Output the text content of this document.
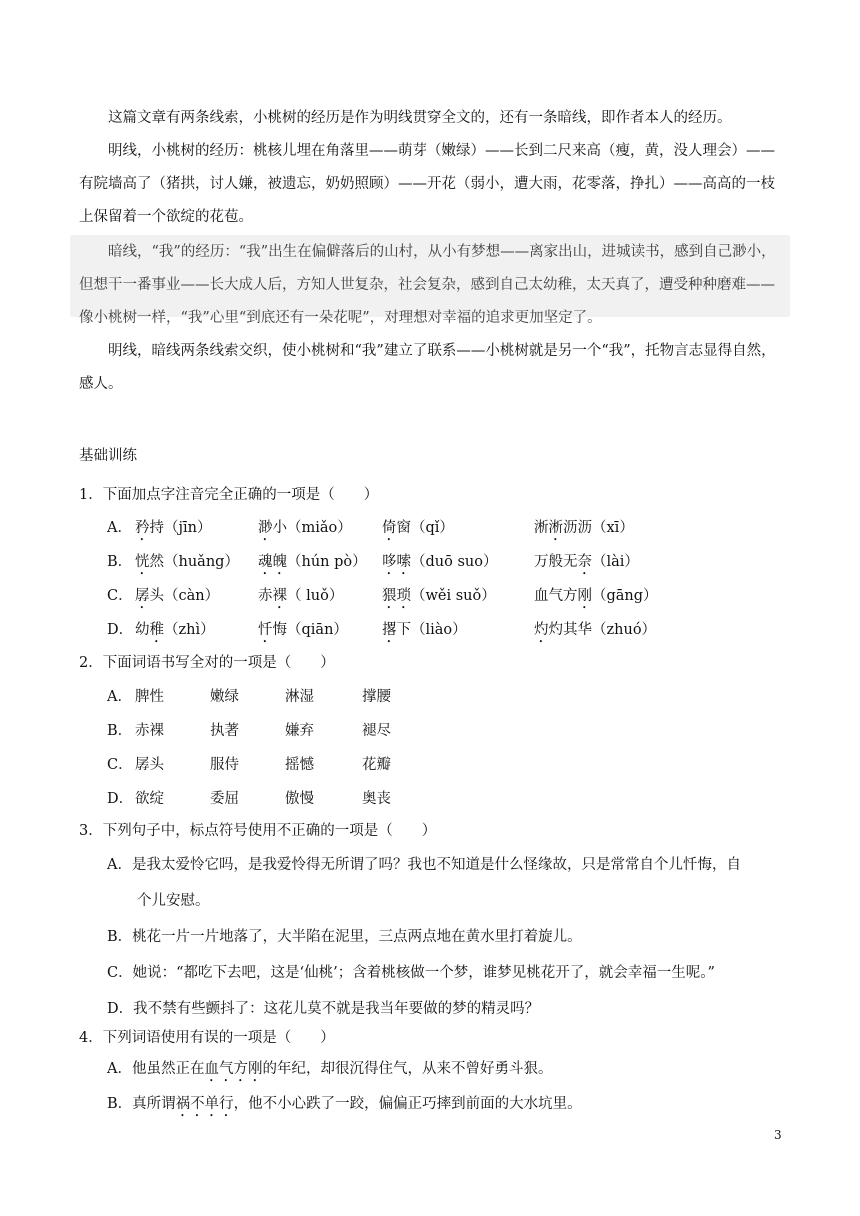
这篇文章有两条线索，小桃树的经历是作为明线贯穿全文的，还有一条暗线，即作者本人的经历。

明线，小桃树的经历：桃核儿埋在角落里——萌芽（嫩绿）——长到二尺来高（瘦，黄，没人理会）——有院墙高了（猪拱，讨人嫌，被遗忘，奶奶照顾）——开花（弱小，遭大雨，花零落，挣扎）——高高的一枝上保留着一个欲绽的花苞。

暗线，“我”的经历：“我”出生在偏僻落后的山村，从小有梦想——离家出山，进城读书，感到自己渺小，但想干一番事业——长大成人后，方知人世复杂，社会复杂，感到自己太幼稚，太天真了，遭受种种磨难——像小桃树一样，“我”心里“到底还有一朵花呢”，对理想对幸福的追求更加坚定了。

明线，暗线两条线索交织，使小桃树和“我”建立了联系——小桃树就是另一个“我”，托物言志显得自然，感人。

基础训练
1．下面加点字注音完全正确的一项是（　　）
A． 矜持（jīn）	渺小（miǎo） 倚窗（qǐ）	淅淅沥沥（xī）
B． 恍然（huǎng） 魂魄（hún pò） 哆嗦（duō suo）	万般无奈（lài）
C． 孱头（càn）	赤裸（ luǒ）	猥琐（wěi suǒ）	血气方刚（gāng）
D． 幼稚（zhì）	忏悔（qiān） 撂下（liào）	灼灼其华（zhuó）
2．下面词语书写全对的一项是（　　）
A． 脾性	嫩绿	淋湿	撑腰
B． 赤裸	执著	嫌弃	褪尽
C． 孱头	服侍	摇憾	花瓣
D． 欲绽	委屈	傲慢	奥丧
3．下列句子中，标点符号使用不正确的一项是（　　）
A．是我太爱怜它吗，是我爱怜得无所谓了吗？我也不知道是什么怪缘故，只是常常自个儿忏悔，自
个儿安慰。
B．桃花一片一片地落了，大半陷在泥里，三点两点地在黄水里打着旋儿。
C．她说：“都吃下去吧，这是‘仙桃’；含着桃核做一个梦，谁梦见桃花开了，就会幸福一生呢。”
D．我不禁有些颤抖了：这花儿莫不就是我当年要做的梦的精灵吗？
4．下列词语使用有误的一项是（　　）
A．他虽然正在血气方刚的年纪，却很沉得住气，从来不曾好勇斗狠。
B．真所谓祸不单行，他不小心跌了一跤，偏偏正巧摔到前面的大水坑里。
3
